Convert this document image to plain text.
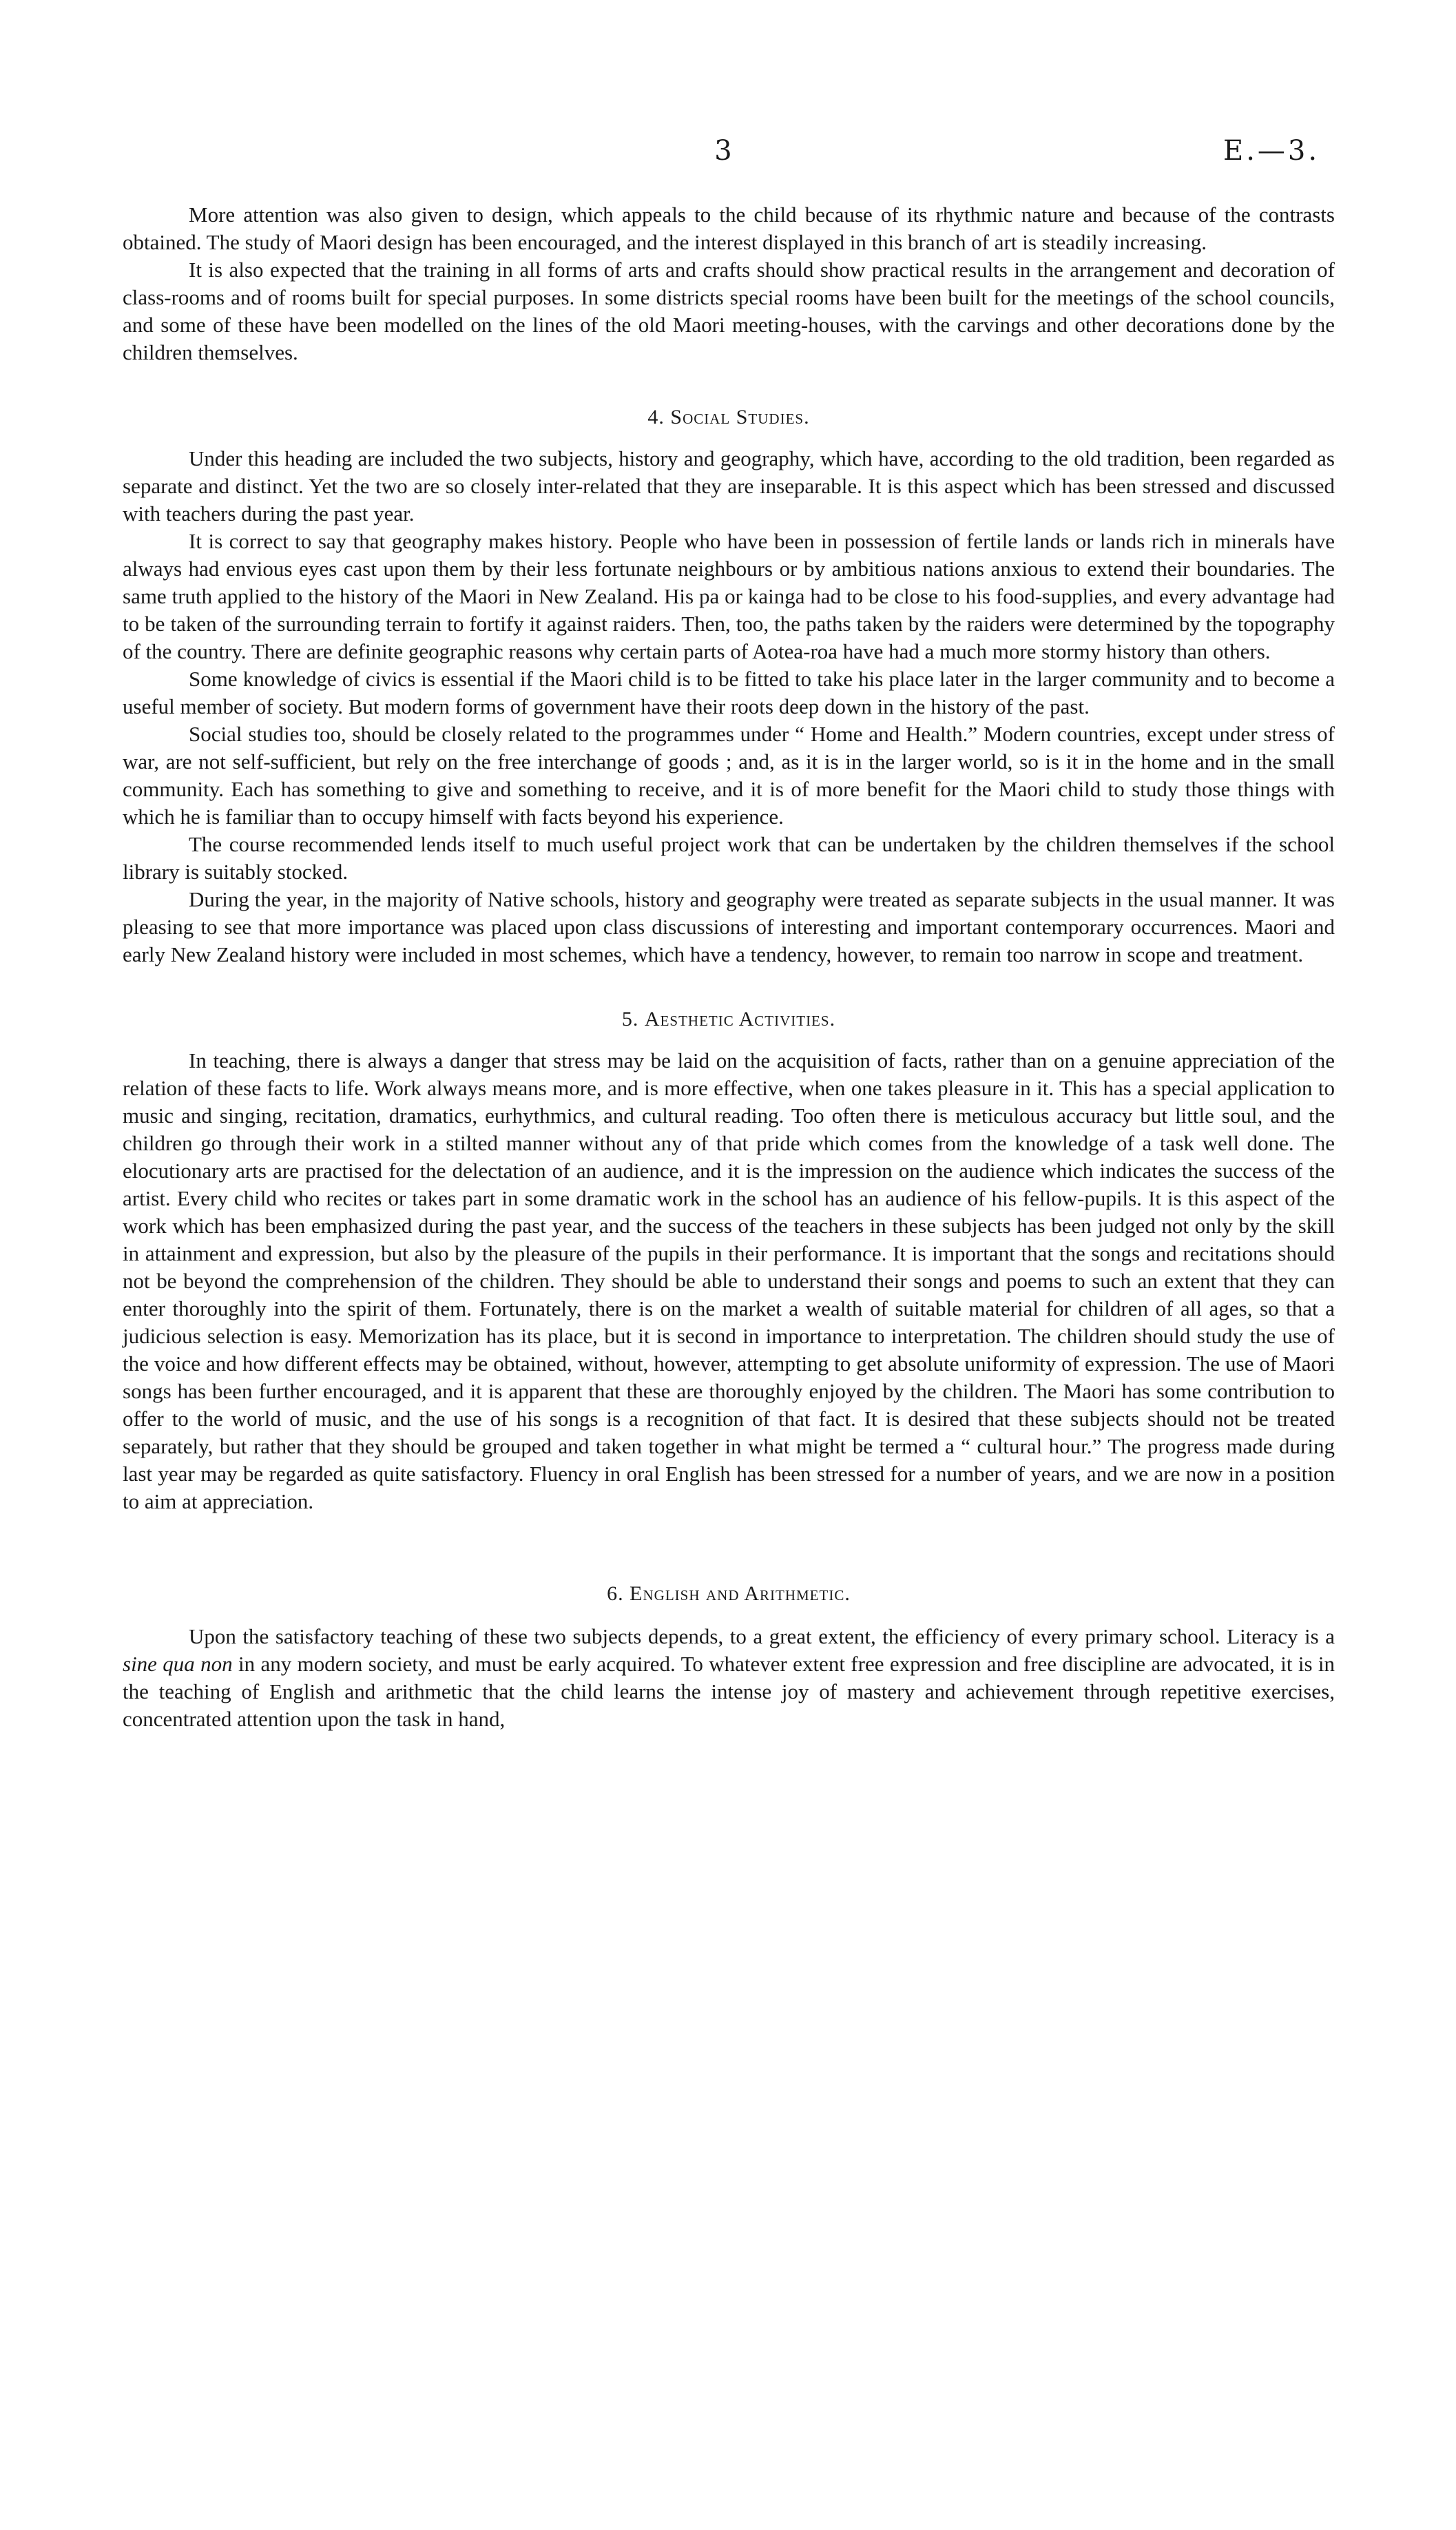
3	E.—3.

More attention was also given to design, which appeals to the child because of its rhythmic nature and because of the contrasts obtained. The study of Maori design has been encouraged, and the interest displayed in this branch of art is steadily increasing.

It is also expected that the training in all forms of arts and crafts should show practical results in the arrangement and decoration of class-rooms and of rooms built for special purposes. In some districts special rooms have been built for the meetings of the school councils, and some of these have been modelled on the lines of the old Maori meeting-houses, with the carvings and other decorations done by the children themselves.

4. Social Studies.

Under this heading are included the two subjects, history and geography, which have, according to the old tradition, been regarded as separate and distinct. Yet the two are so closely inter-related that they are inseparable. It is this aspect which has been stressed and discussed with teachers during the past year.

It is correct to say that geography makes history. People who have been in possession of fertile lands or lands rich in minerals have always had envious eyes cast upon them by their less fortunate neighbours or by ambitious nations anxious to extend their boundaries. The same truth applied to the history of the Maori in New Zealand. His pa or kainga had to be close to his food-supplies, and every advantage had to be taken of the surrounding terrain to fortify it against raiders. Then, too, the paths taken by the raiders were determined by the topography of the country. There are definite geographic reasons why certain parts of Aotea-roa have had a much more stormy history than others.

Some knowledge of civics is essential if the Maori child is to be fitted to take his place later in the larger community and to become a useful member of society. But modern forms of government have their roots deep down in the history of the past.

Social studies too, should be closely related to the programmes under “ Home and Health.” Modern countries, except under stress of war, are not self-sufficient, but rely on the free interchange of goods ; and, as it is in the larger world, so is it in the home and in the small community. Each has something to give and something to receive, and it is of more benefit for the Maori child to study those things with which he is familiar than to occupy himself with facts beyond his experience.

The course recommended lends itself to much useful project work that can be undertaken by the children themselves if the school library is suitably stocked.

During the year, in the majority of Native schools, history and geography were treated as separate subjects in the usual manner. It was pleasing to see that more importance was placed upon class discussions of interesting and important contemporary occurrences. Maori and early New Zealand history were included in most schemes, which have a tendency, however, to remain too narrow in scope and treatment.

5. Aesthetic Activities.

In teaching, there is always a danger that stress may be laid on the acquisition of facts, rather than on a genuine appreciation of the relation of these facts to life. Work always means more, and is more effective, when one takes pleasure in it. This has a special application to music and singing, recitation, dramatics, eurhythmics, and cultural reading. Too often there is meticulous accuracy but little soul, and the children go through their work in a stilted manner without any of that pride which comes from the knowledge of a task well done. The elocutionary arts are practised for the delectation of an audience, and it is the impression on the audience which indicates the success of the artist. Every child who recites or takes part in some dramatic work in the school has an audience of his fellow-pupils. It is this aspect of the work which has been emphasized during the past year, and the success of the teachers in these subjects has been judged not only by the skill in attainment and expression, but also by the pleasure of the pupils in their performance. It is important that the songs and recitations should not be beyond the comprehension of the children. They should be able to understand their songs and poems to such an extent that they can enter thoroughly into the spirit of them. Fortunately, there is on the market a wealth of suitable material for children of all ages, so that a judicious selection is easy. Memorization has its place, but it is second in importance to interpretation. The children should study the use of the voice and how different effects may be obtained, without, however, attempting to get absolute uniformity of expression. The use of Maori songs has been further encouraged, and it is apparent that these are thoroughly enjoyed by the children. The Maori has some contribution to offer to the world of music, and the use of his songs is a recognition of that fact. It is desired that these subjects should not be treated separately, but rather that they should be grouped and taken together in what might be termed a “ cultural hour.” The progress made during last year may be regarded as quite satisfactory. Fluency in oral English has been stressed for a number of years, and we are now in a position to aim at appreciation.

6. English and Arithmetic.

Upon the satisfactory teaching of these two subjects depends, to a great extent, the efficiency of every primary school. Literacy is a sine qua non in any modern society, and must be early acquired. To whatever extent free expression and free discipline are advocated, it is in the teaching of English and arithmetic that the child learns the intense joy of mastery and achievement through repetitive exercises, concentrated attention upon the task in hand,
